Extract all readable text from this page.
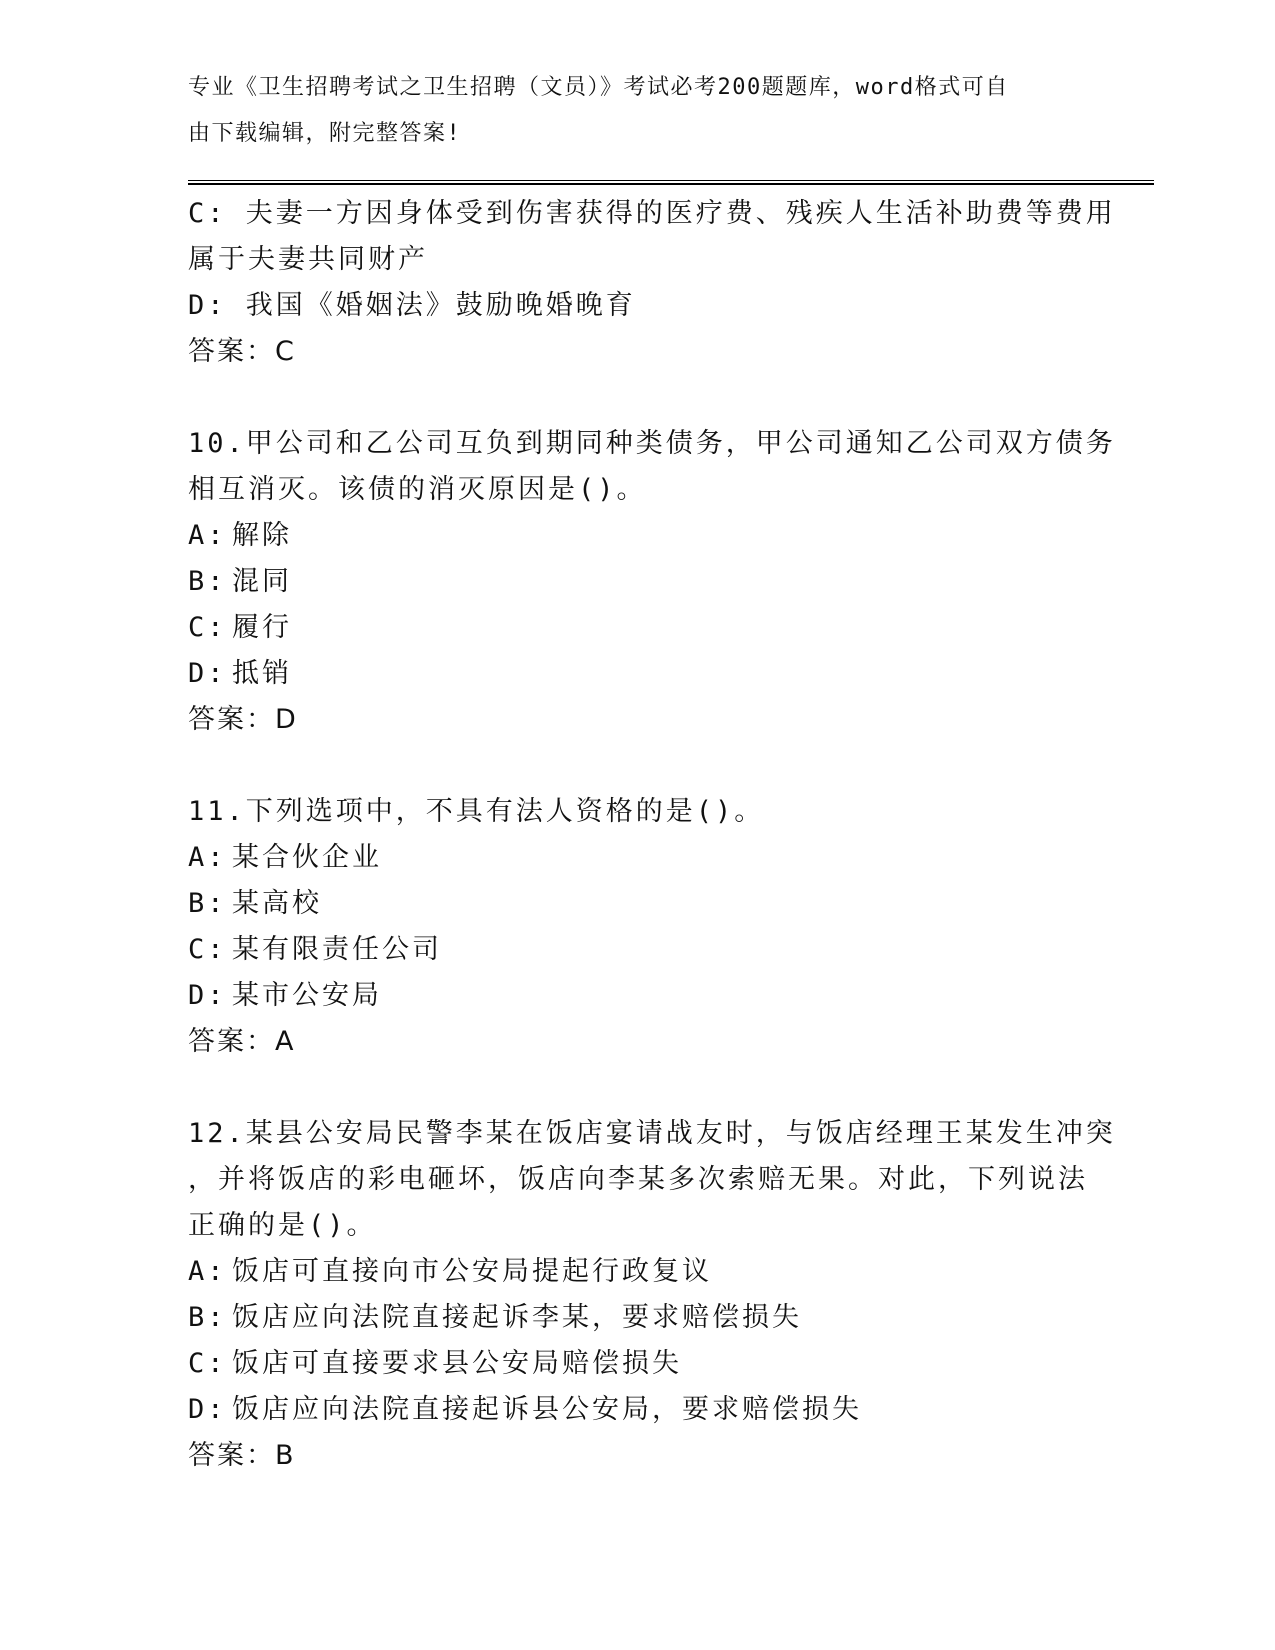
专业《卫生招聘考试之卫生招聘（文员）》考试必考200题题库，word格式可自
由下载编辑，附完整答案!
C: 夫妻一方因身体受到伤害获得的医疗费、残疾人生活补助费等费用
属于夫妻共同财产
D: 我国《婚姻法》鼓励晚婚晚育
答案：C
10.甲公司和乙公司互负到期同种类债务，甲公司通知乙公司双方债务
相互消灭。该债的消灭原因是()。
A: 解除
B: 混同
C: 履行
D: 抵销
答案：D
11.下列选项中，不具有法人资格的是()。
A: 某合伙企业
B: 某高校
C: 某有限责任公司
D: 某市公安局
答案：A
12.某县公安局民警李某在饭店宴请战友时，与饭店经理王某发生冲突
，并将饭店的彩电砸坏，饭店向李某多次索赔无果。对此，下列说法
正确的是()。
A: 饭店可直接向市公安局提起行政复议
B: 饭店应向法院直接起诉李某，要求赔偿损失
C: 饭店可直接要求县公安局赔偿损失
D: 饭店应向法院直接起诉县公安局，要求赔偿损失
答案：B
